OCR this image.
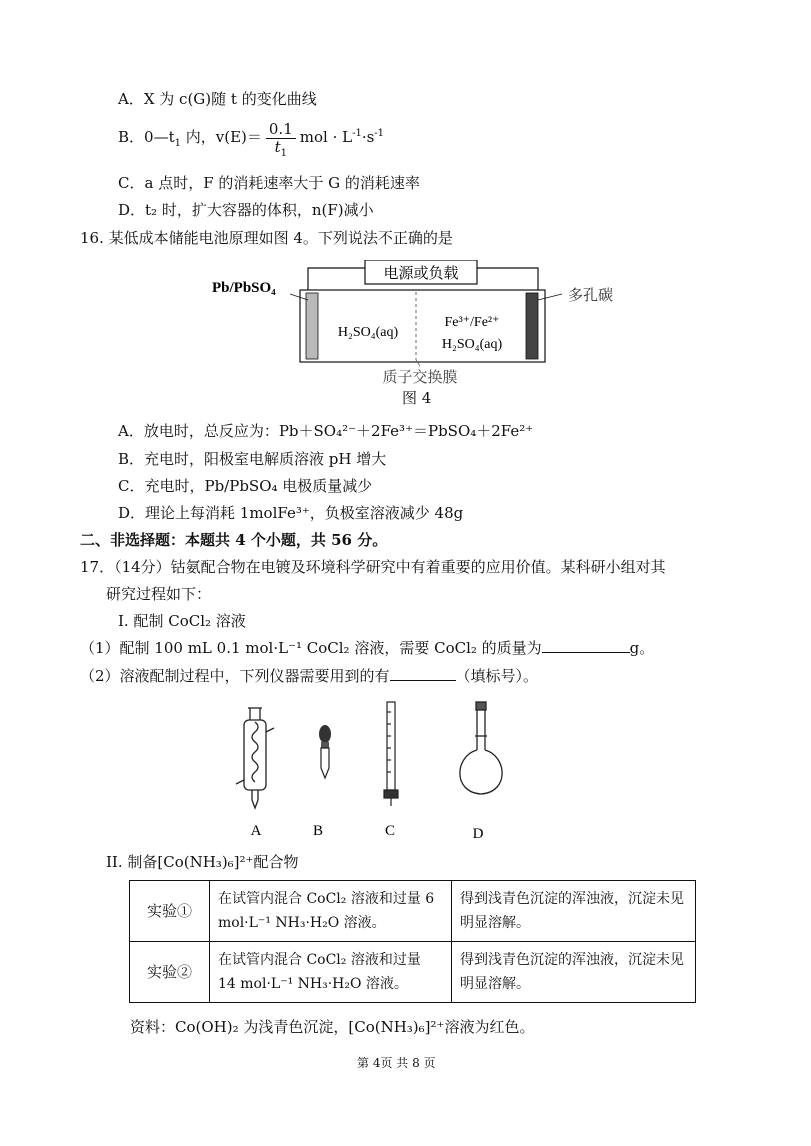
A．X 为 c(G)随 t 的变化曲线
B．$0—t_1$ 内，$v(E)= \frac{0.1}{t_1}$ mol · $L^{-1}\cdot s^{-1}$
C．a 点时，F 的消耗速率大于 G 的消耗速率
D．t₂ 时，扩大容器的体积，n(F)减小
16. 某低成本储能电池原理如图 4。下列说法不正确的是
电源或负载
Pb/PbSO₄	多孔碳
H₂SO₄(aq)
Fe³⁺/Fe²⁺
H₂SO₄(aq)
质子交换膜
图 4
A．放电时，总反应为：Pb＋SO₄²⁻＋2Fe³⁺＝PbSO₄＋2Fe²⁺
B．充电时，阳极室电解质溶液 pH 增大
C．充电时，Pb/PbSO₄ 电极质量减少
D．理论上每消耗 1molFe³⁺，负极室溶液减少 48g
二、非选择题：本题共 4 个小题，共 56 分。
17．（14分）钴氨配合物在电镀及环境科学研究中有着重要的应用价值。某科研小组对其
研究过程如下：
I. 配制 CoCl₂ 溶液
（1）配制 100 mL 0.1 mol·L⁻¹ CoCl₂ 溶液，需要 CoCl₂ 的质量为	g。
（2）溶液配制过程中，下列仪器需要用到的有	（填标号）。
A	B	C	D
II. 制备[Co(NH₃)₆]²⁺配合物
实验①	在试管内混合 CoCl₂ 溶液和过量 6 mol·L⁻¹ NH₃·H₂O 溶液。	得到浅青色沉淀的浑浊液，沉淀未见明显溶解。
实验②	在试管内混合 CoCl₂ 溶液和过量 14 mol·L⁻¹ NH₃·H₂O 溶液。	得到浅青色沉淀的浑浊液，沉淀未见明显溶解。
资料：Co(OH)₂ 为浅青色沉淀，[Co(NH₃)₆]²⁺溶液为红色。
第 4页 共 8 页
